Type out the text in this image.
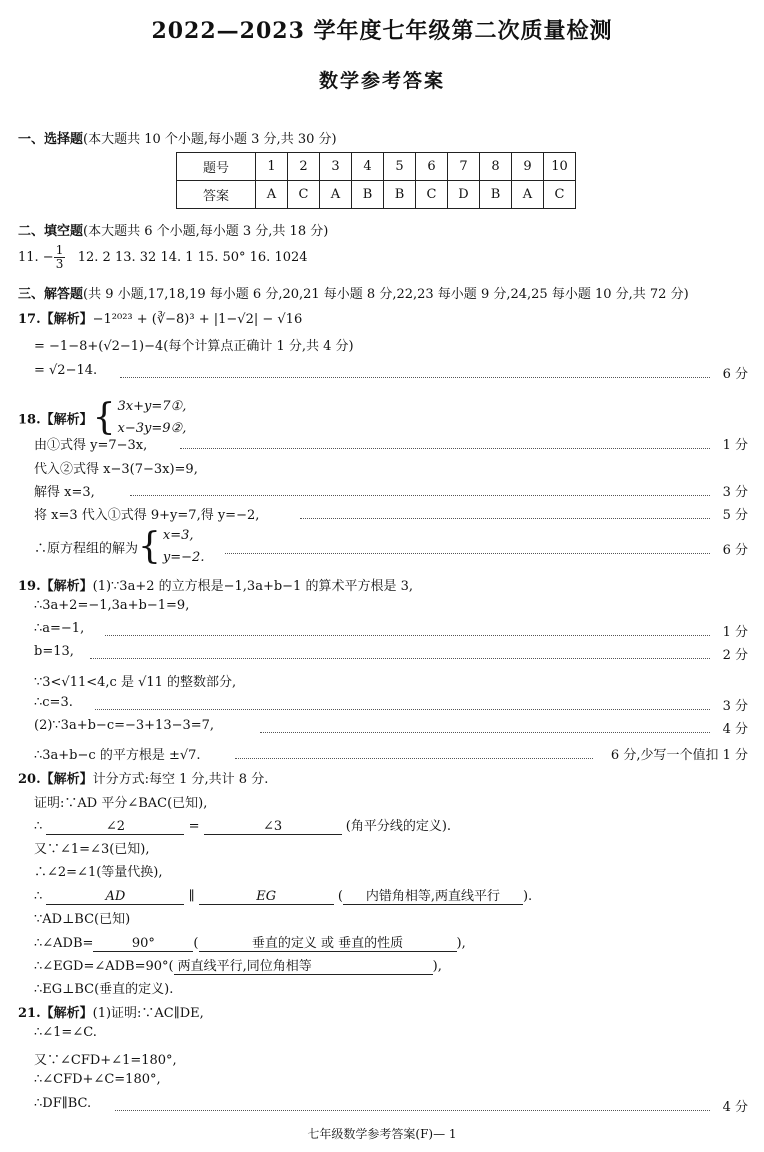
2022—2023 学年度七年级第二次质量检测
数学参考答案
一、选择题(本大题共 10 个小题,每小题 3 分,共 30 分)
题号	1	2	3	4	5	6	7	8	9	10
答案	A	C	A	B	B	C	D	B	A	C
二、填空题(本大题共 6 个小题,每小题 3 分,共 18 分)
11. − $\frac{1}{3} 12$. 2 13. 32 14. 1 15. 50° 16. 1024
三、解答题(共 9 小题,17,18,19 每小题 6 分,20,21 每小题 8 分,22,23 每小题 9 分,24,25 每小题 10 分,共 72 分)
17.【解析】−1²⁰²³ + (∛−8)³ + |1−√2| − √16
= −1−8+(√2−1)−4(每个计算点正确计 1 分,共 4 分)
= √2−14.	6 分
18.【解析】{ 3x+y=7①,
x−3y=9②,
由①式得 y=7−3x,	1 分
代入②式得 x−3(7−3x)=9,
解得 x=3,	3 分
将 x=3 代入①式得 9+y=7,得 y=−2,	5 分
∴原方程组的解为{ x=3,
y=−2.	6 分
19.【解析】(1)∵3a+2 的立方根是−1,3a+b−1 的算术平方根是 3,
∴3a+2=−1,3a+b−1=9,
∴a=−1,	1 分
b=13,	2 分
∵3<√11<4,c 是 √11 的整数部分,
∴c=3.	3 分
(2)∵3a+b−c=−3+13−3=7,	4 分
∴3a+b−c 的平方根是 ±√7.	6 分,少写一个值扣 1 分
20.【解析】计分方式:每空 1 分,共计 8 分.
证明:∵AD 平分∠BAC(已知),
∴	∠2	=	∠3	(角平分线的定义).
又∵∠1=∠3(已知),
∴∠2=∠1(等量代换),
∴	AD	∥	EG	( 内错角相等,两直线平行 ).
∵AD⊥BC(已知)
∴∠ADB=	90°	(	垂直的定义 或 垂直的性质	),
∴∠EGD=∠ADB=90°( 两直线平行,同位角相等	),
∴EG⊥BC(垂直的定义).
21.【解析】(1)证明:∵AC∥DE,
∴∠1=∠C.
又∵∠CFD+∠1=180°,
∴∠CFD+∠C=180°,
∴DF∥BC.	4 分
七年级数学参考答案(F)— 1
